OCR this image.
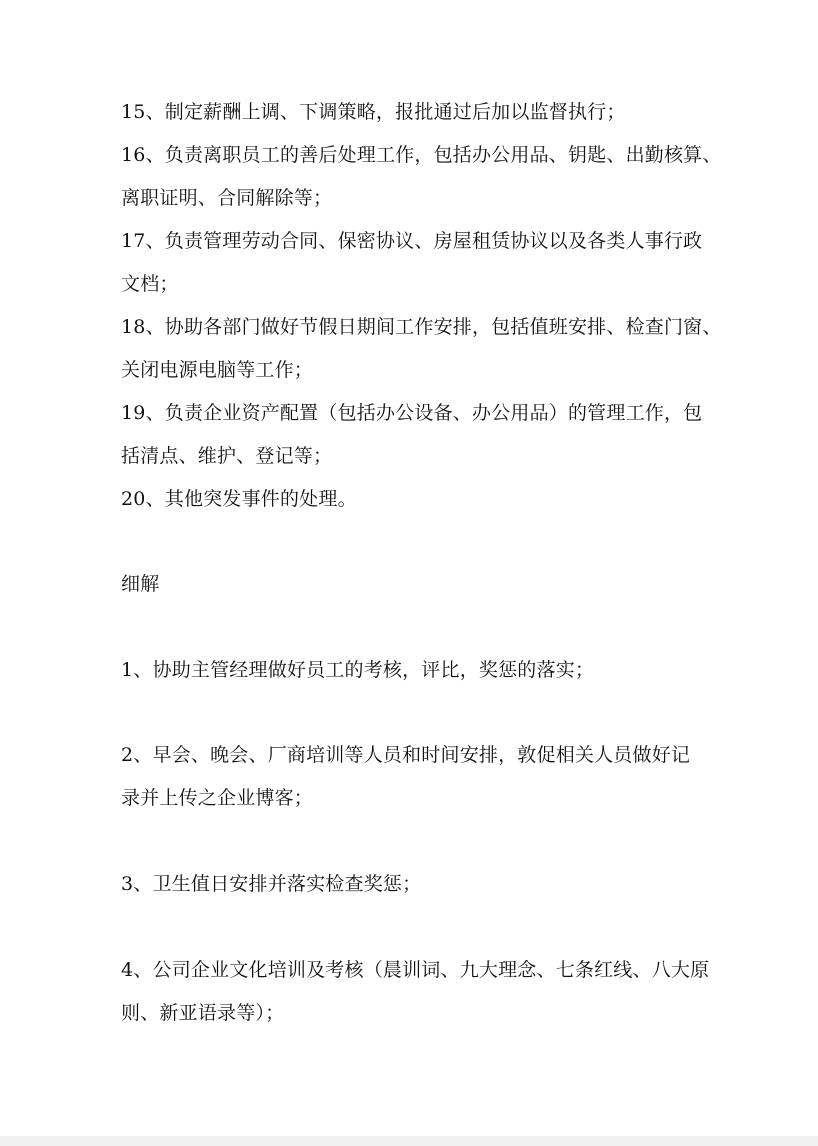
15、制定薪酬上调、下调策略，报批通过后加以监督执行；
16、负责离职员工的善后处理工作，包括办公用品、钥匙、出勤核算、
离职证明、合同解除等；
17、负责管理劳动合同、保密协议、房屋租赁协议以及各类人事行政
文档；
18、协助各部门做好节假日期间工作安排，包括值班安排、检查门窗、
关闭电源电脑等工作；
19、负责企业资产配置（包括办公设备、办公用品）的管理工作，包
括清点、维护、登记等；
20、其他突发事件的处理。
细解
1、协助主管经理做好员工的考核，评比，奖惩的落实；
2、早会、晚会、厂商培训等人员和时间安排，敦促相关人员做好记
录并上传之企业博客；
3、卫生值日安排并落实检查奖惩；
4、公司企业文化培训及考核（晨训词、九大理念、七条红线、八大原
则、新亚语录等）；
